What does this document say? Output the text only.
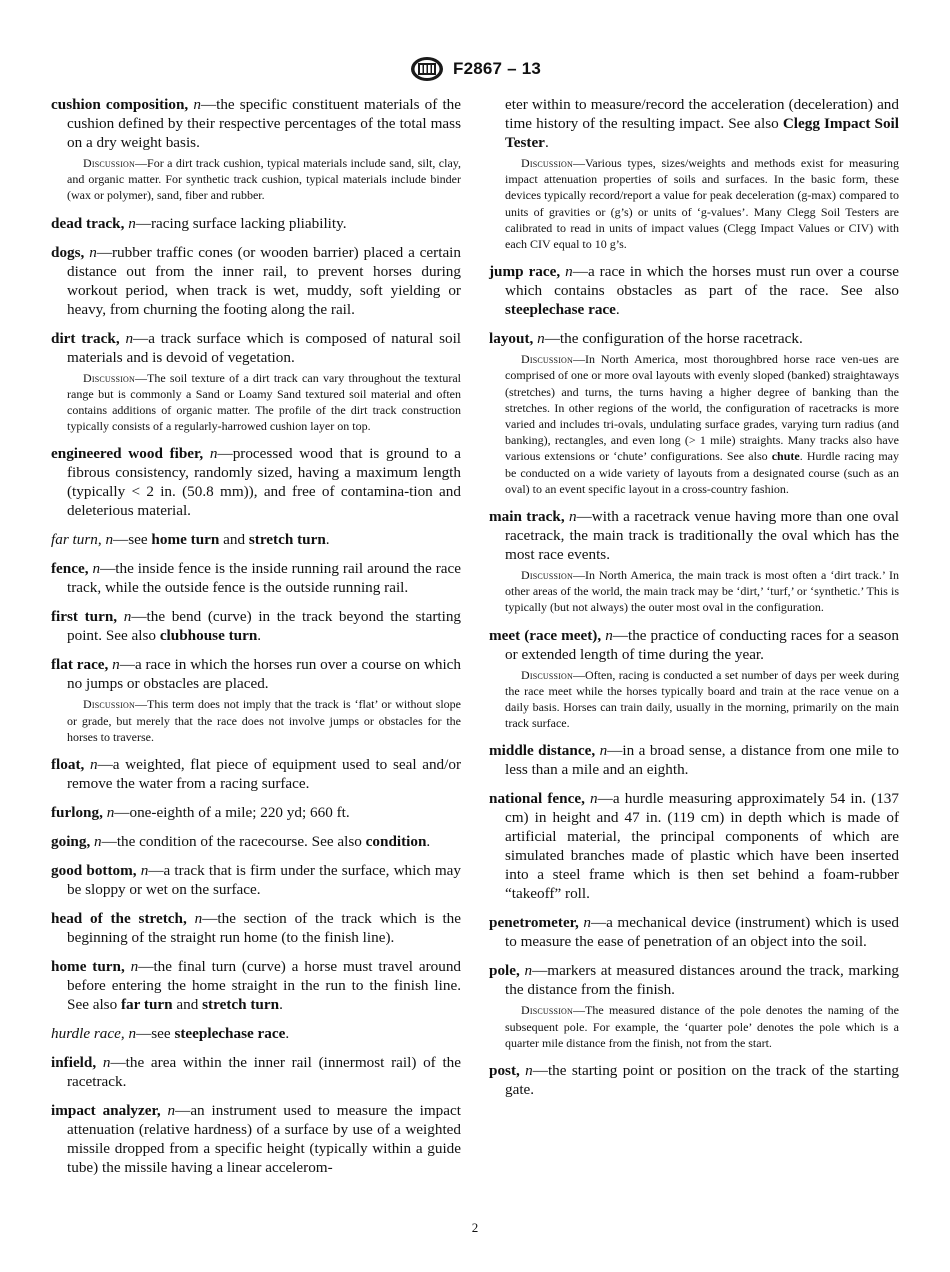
F2867 – 13

cushion composition, n—the specific constituent materials of the cushion defined by their respective percentages of the total mass on a dry weight basis.

Discussion—For a dirt track cushion, typical materials include sand, silt, clay, and organic matter. For synthetic track cushion, typical materials include binder (wax or polymer), sand, fiber and rubber.

dead track, n—racing surface lacking pliability.

dogs, n—rubber traffic cones (or wooden barrier) placed a certain distance out from the inner rail, to prevent horses during workout period, when track is wet, muddy, soft yielding or heavy, from churning the footing along the rail.

dirt track, n—a track surface which is composed of natural soil materials and is devoid of vegetation.

Discussion—The soil texture of a dirt track can vary throughout the textural range but is commonly a Sand or Loamy Sand textured soil material and often contains additions of organic matter. The profile of the dirt track construction typically consists of a regularly-harrowed cushion layer on top.

engineered wood fiber, n—processed wood that is ground to a fibrous consistency, randomly sized, having a maximum length (typically < 2 in. (50.8 mm)), and free of contamina-tion and deleterious material.

far turn, n—see home turn and stretch turn.

fence, n—the inside fence is the inside running rail around the race track, while the outside fence is the outside running rail.

first turn, n—the bend (curve) in the track beyond the starting point. See also clubhouse turn.

flat race, n—a race in which the horses run over a course on which no jumps or obstacles are placed.

Discussion—This term does not imply that the track is ‘flat’ or without slope or grade, but merely that the race does not involve jumps or obstacles for the horses to traverse.

float, n—a weighted, flat piece of equipment used to seal and/or remove the water from a racing surface.

furlong, n—one-eighth of a mile; 220 yd; 660 ft.

going, n—the condition of the racecourse. See also condition.

good bottom, n—a track that is firm under the surface, which may be sloppy or wet on the surface.

head of the stretch, n—the section of the track which is the beginning of the straight run home (to the finish line).

home turn, n—the final turn (curve) a horse must travel around before entering the home straight in the run to the finish line. See also far turn and stretch turn.

hurdle race, n—see steeplechase race.

infield, n—the area within the inner rail (innermost rail) of the racetrack.

impact analyzer, n—an instrument used to measure the impact attenuation (relative hardness) of a surface by use of a weighted missile dropped from a specific height (typically within a guide tube) the missile having a linear accelerom-

eter within to measure/record the acceleration (deceleration) and time history of the resulting impact. See also Clegg Impact Soil Tester.

Discussion—Various types, sizes/weights and methods exist for measuring impact attenuation properties of soils and surfaces. In the basic form, these devices typically record/report a value for peak deceleration (g-max) compared to units of gravities or (g’s) or units of ‘g-values’. Many Clegg Soil Testers are calibrated to read in units of impact values (Clegg Impact Values or CIV) with each CIV equal to 10 g’s.

jump race, n—a race in which the horses must run over a course which contains obstacles as part of the race. See also steeplechase race.

layout, n—the configuration of the horse racetrack.

Discussion—In North America, most thoroughbred horse race ven-ues are comprised of one or more oval layouts with evenly sloped (banked) straightaways (stretches) and turns, the turns having a higher degree of banking than the stretches. In other regions of the world, the configuration of racetracks is more varied and includes tri-ovals, undulating surface grades, varying turn radius (and banking), rectangles, and even long (> 1 mile) straights. Many tracks also have various extensions or ‘chute’ configurations. See also chute. Hurdle racing may be conducted on a wide variety of layouts from a designated course (such as an oval) to an event specific layout in a cross-country fashion.

main track, n—with a racetrack venue having more than one oval racetrack, the main track is traditionally the oval which has the most race events.

Discussion—In North America, the main track is most often a ‘dirt track.’ In other areas of the world, the main track may be ‘dirt,’ ‘turf,’ or ‘synthetic.’ This is typically (but not always) the outer most oval in the configuration.

meet (race meet), n—the practice of conducting races for a season or extended length of time during the year.

Discussion—Often, racing is conducted a set number of days per week during the race meet while the horses typically board and train at the race venue on a daily basis. Horses can train daily, usually in the morning, primarily on the main track surface.

middle distance, n—in a broad sense, a distance from one mile to less than a mile and an eighth.

national fence, n—a hurdle measuring approximately 54 in. (137 cm) in height and 47 in. (119 cm) in depth which is made of artificial material, the principal components of which are simulated branches made of plastic which have been inserted into a steel frame which is then set behind a foam-rubber “takeoff” roll.

penetrometer, n—a mechanical device (instrument) which is used to measure the ease of penetration of an object into the soil.

pole, n—markers at measured distances around the track, marking the distance from the finish.

Discussion—The measured distance of the pole denotes the naming of the subsequent pole. For example, the ‘quarter pole’ denotes the pole which is a quarter mile distance from the finish, not from the start.

post, n—the starting point or position on the track of the starting gate.

2
